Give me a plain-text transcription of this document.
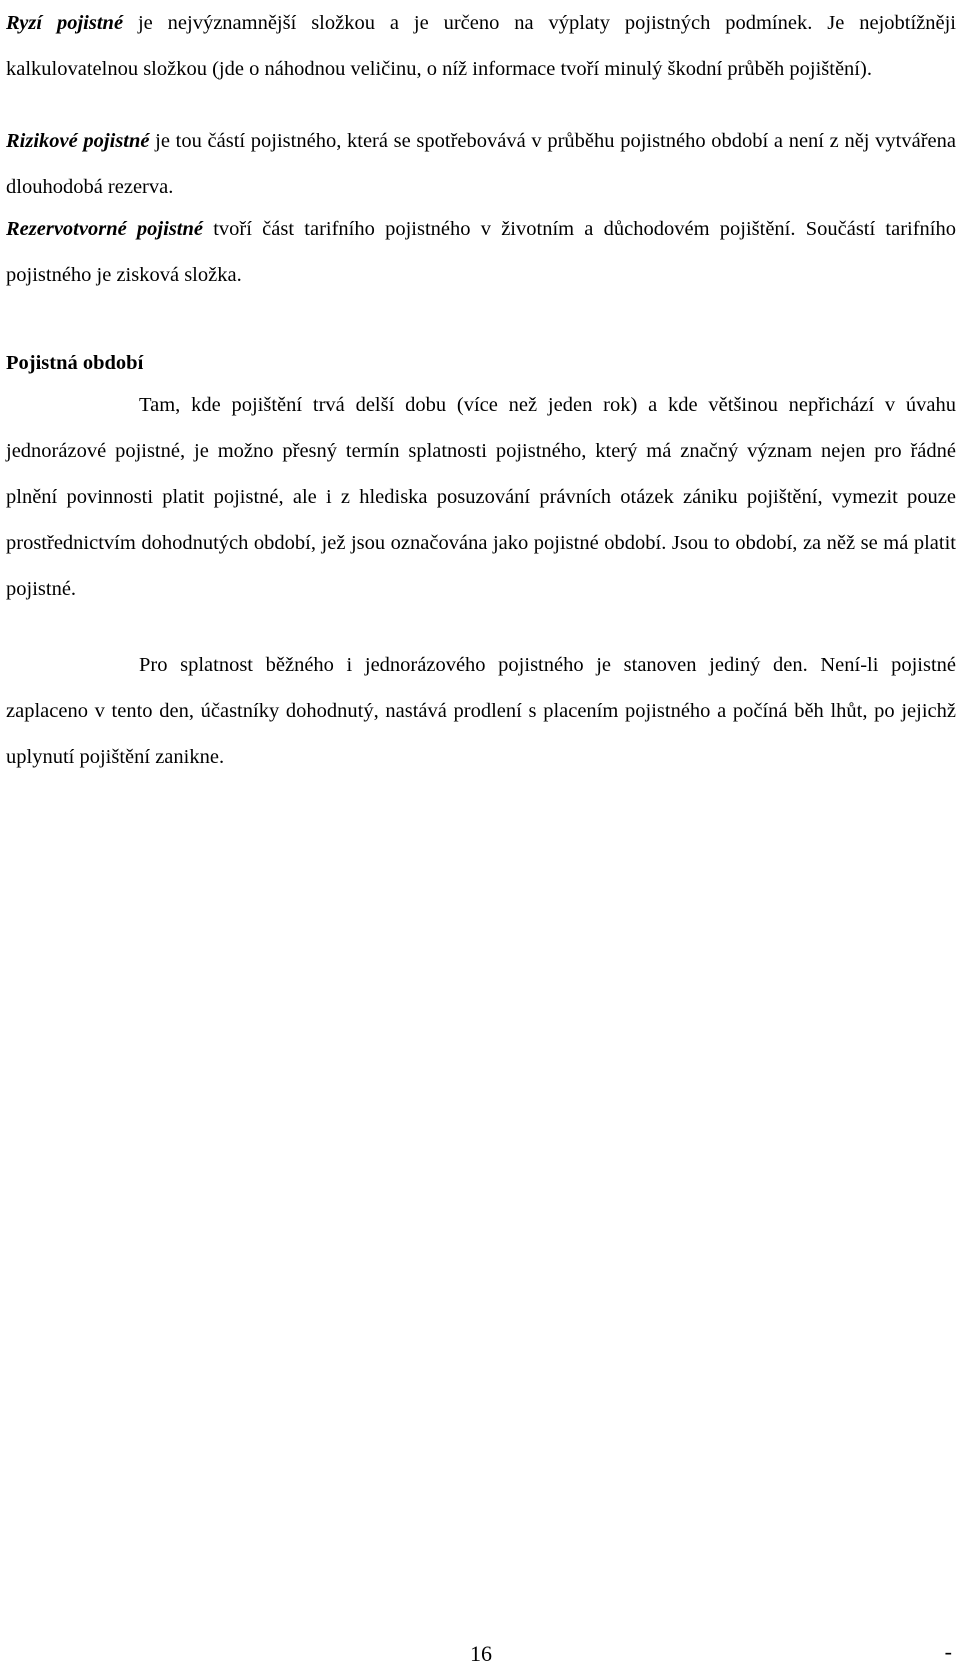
Ryzí pojistné je nejvýznamnější složkou a je určeno na výplaty pojistných podmínek. Je nejobtížněji kalkulovatelnou složkou (jde o náhodnou veličinu, o níž informace tvoří minulý škodní průběh pojištění).

Rizikové pojistné je tou částí pojistného, která se spotřebovává v průběhu pojistného období a není z něj vytvářena dlouhodobá rezerva.

Rezervotvorné pojistné tvoří část tarifního pojistného v životním a důchodovém pojištění. Součástí tarifního pojistného je zisková složka.

Pojistná období

Tam, kde pojištění trvá delší dobu (více než jeden rok) a kde většinou nepřichází v úvahu jednorázové pojistné, je možno přesný termín splatnosti pojistného, který má značný význam nejen pro řádné plnění povinnosti platit pojistné, ale i z hlediska posuzování právních otázek zániku pojištění, vymezit pouze prostřednictvím dohodnutých období, jež jsou označována jako pojistné období. Jsou to období, za něž se má platit pojistné.

Pro splatnost běžného i jednorázového pojistného je stanoven jediný den. Není-li pojistné zaplaceno v tento den, účastníky dohodnutý, nastává prodlení s placením pojistného a počíná běh lhůt, po jejichž uplynutí pojištění zanikne.

16	-
